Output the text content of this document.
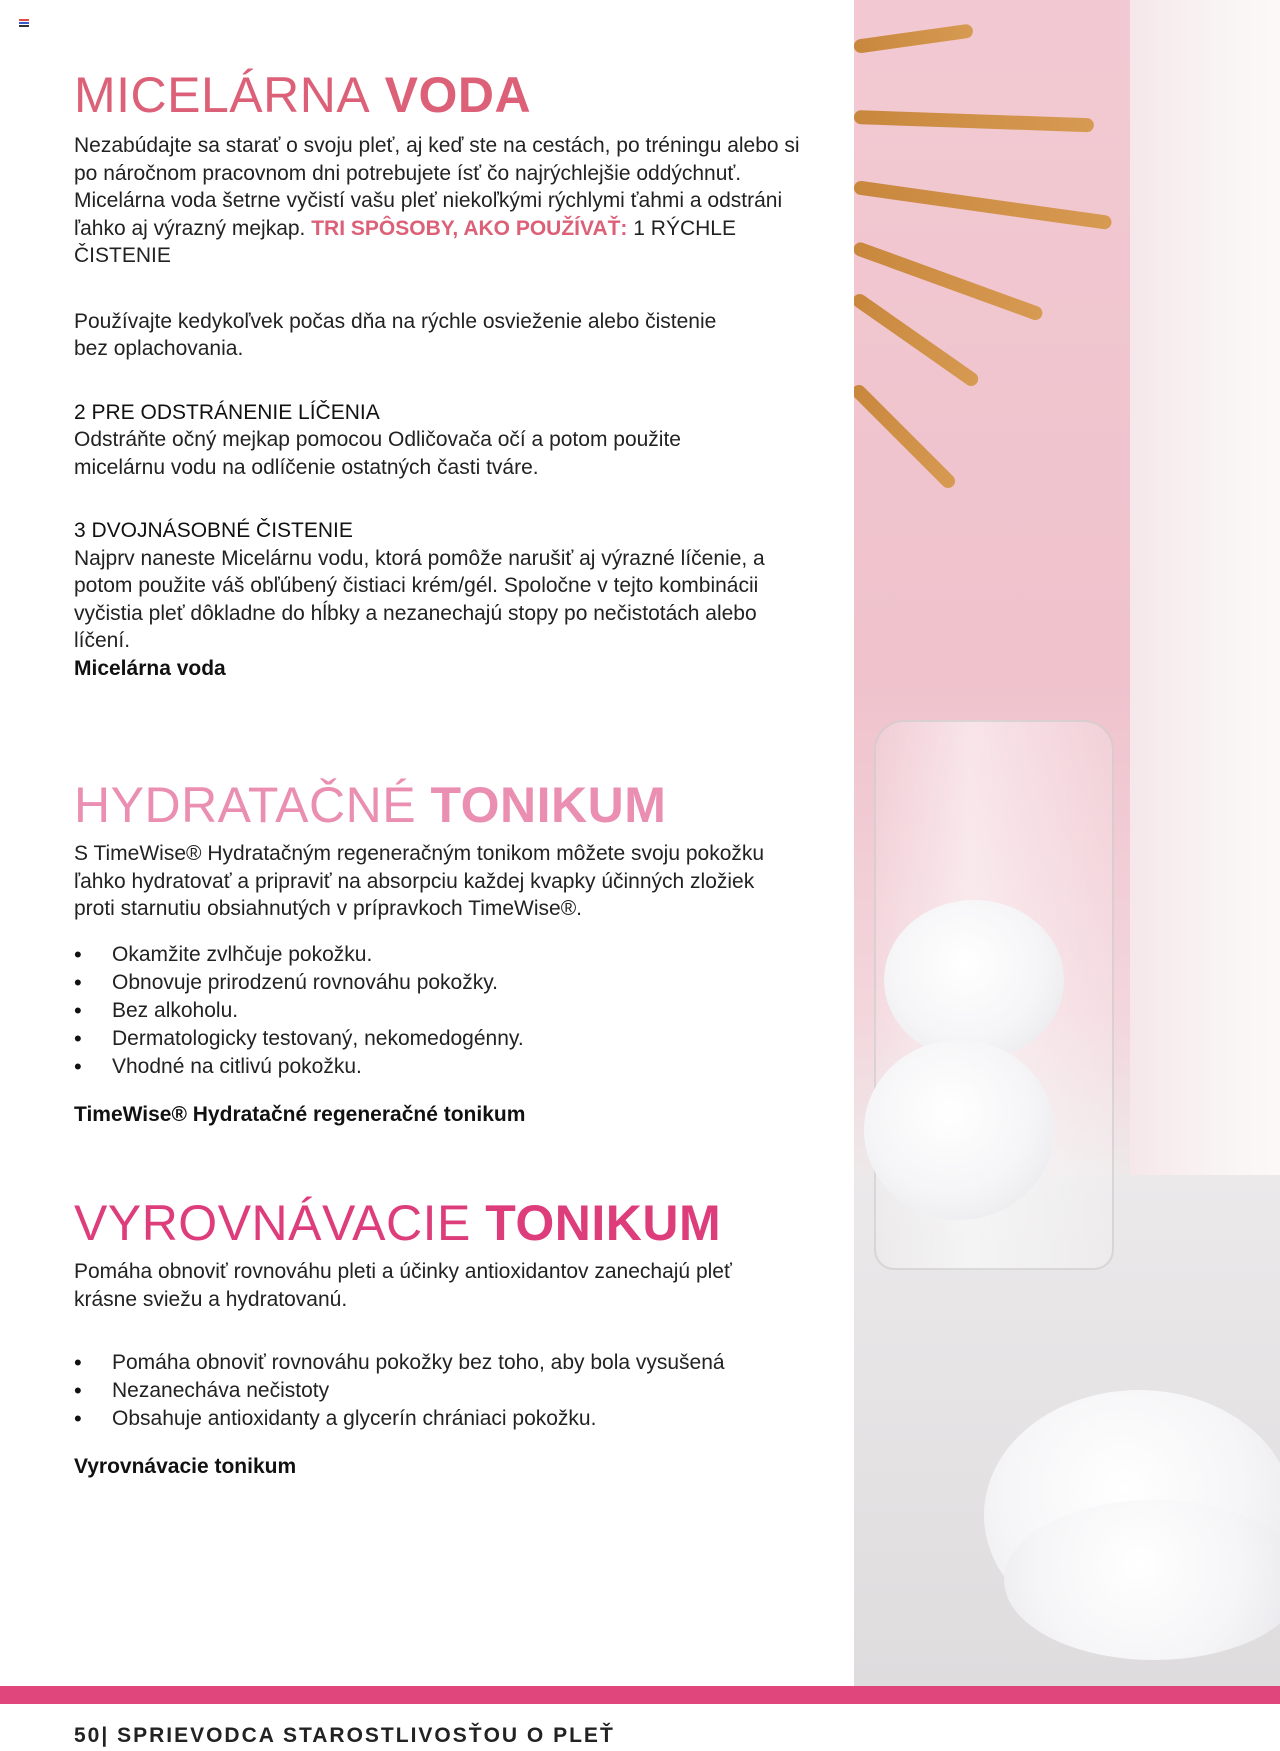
MICELÁRNA VODA

Nezabúdajte sa starať o svoju pleť, aj keď ste na cestách, po tréningu alebo si po náročnom pracovnom dni potrebujete ísť čo najrýchlejšie oddýchnuť. Micelárna voda šetrne vyčistí vašu pleť niekoľkými rýchlymi ťahmi a odstráni ľahko aj výrazný mejkap. TRI SPÔSOBY, AKO POUŽÍVAŤ: 1 RÝCHLE ČISTENIE

Používajte kedykoľvek počas dňa na rýchle osvieženie alebo čistenie bez oplachovania.

2 PRE ODSTRÁNENIE LÍČENIA

Odstráňte očný mejkap pomocou Odličovača očí a potom použite micelárnu vodu na odlíčenie ostatných časti tváre.

3 DVOJNÁSOBNÉ ČISTENIE

Najprv naneste Micelárnu vodu, ktorá pomôže narušiť aj výrazné líčenie, a potom použite váš obľúbený čistiaci krém/gél. Spoločne v tejto kombinácii vyčistia pleť dôkladne do hĺbky a nezanechajú stopy po nečistotách alebo líčení.

Micelárna voda

HYDRATAČNÉ TONIKUM

S TimeWise® Hydratačným regeneračným tonikom môžete svoju pokožku ľahko hydratovať a pripraviť na absorpciu každej kvapky účinných zložiek proti starnutiu obsiahnutých v prípravkoch TimeWise®.

• Okamžite zvlhčuje pokožku.
• Obnovuje prirodzenú rovnováhu pokožky.
• Bez alkoholu.
• Dermatologicky testovaný, nekomedogénny.
• Vhodné na citlivú pokožku.

TimeWise® Hydratačné regeneračné tonikum

VYROVNÁVACIE TONIKUM

Pomáha obnoviť rovnováhu pleti a účinky antioxidantov zanechajú pleť krásne sviežu a hydratovanú.

• Pomáha obnoviť rovnováhu pokožky bez toho, aby bola vysušená
• Nezanecháva nečistoty
• Obsahuje antioxidanty a glycerín chrániaci pokožku.

Vyrovnávacie tonikum

50| SPRIEVODCA STAROSTLIVOSŤOU O PLEŤ
